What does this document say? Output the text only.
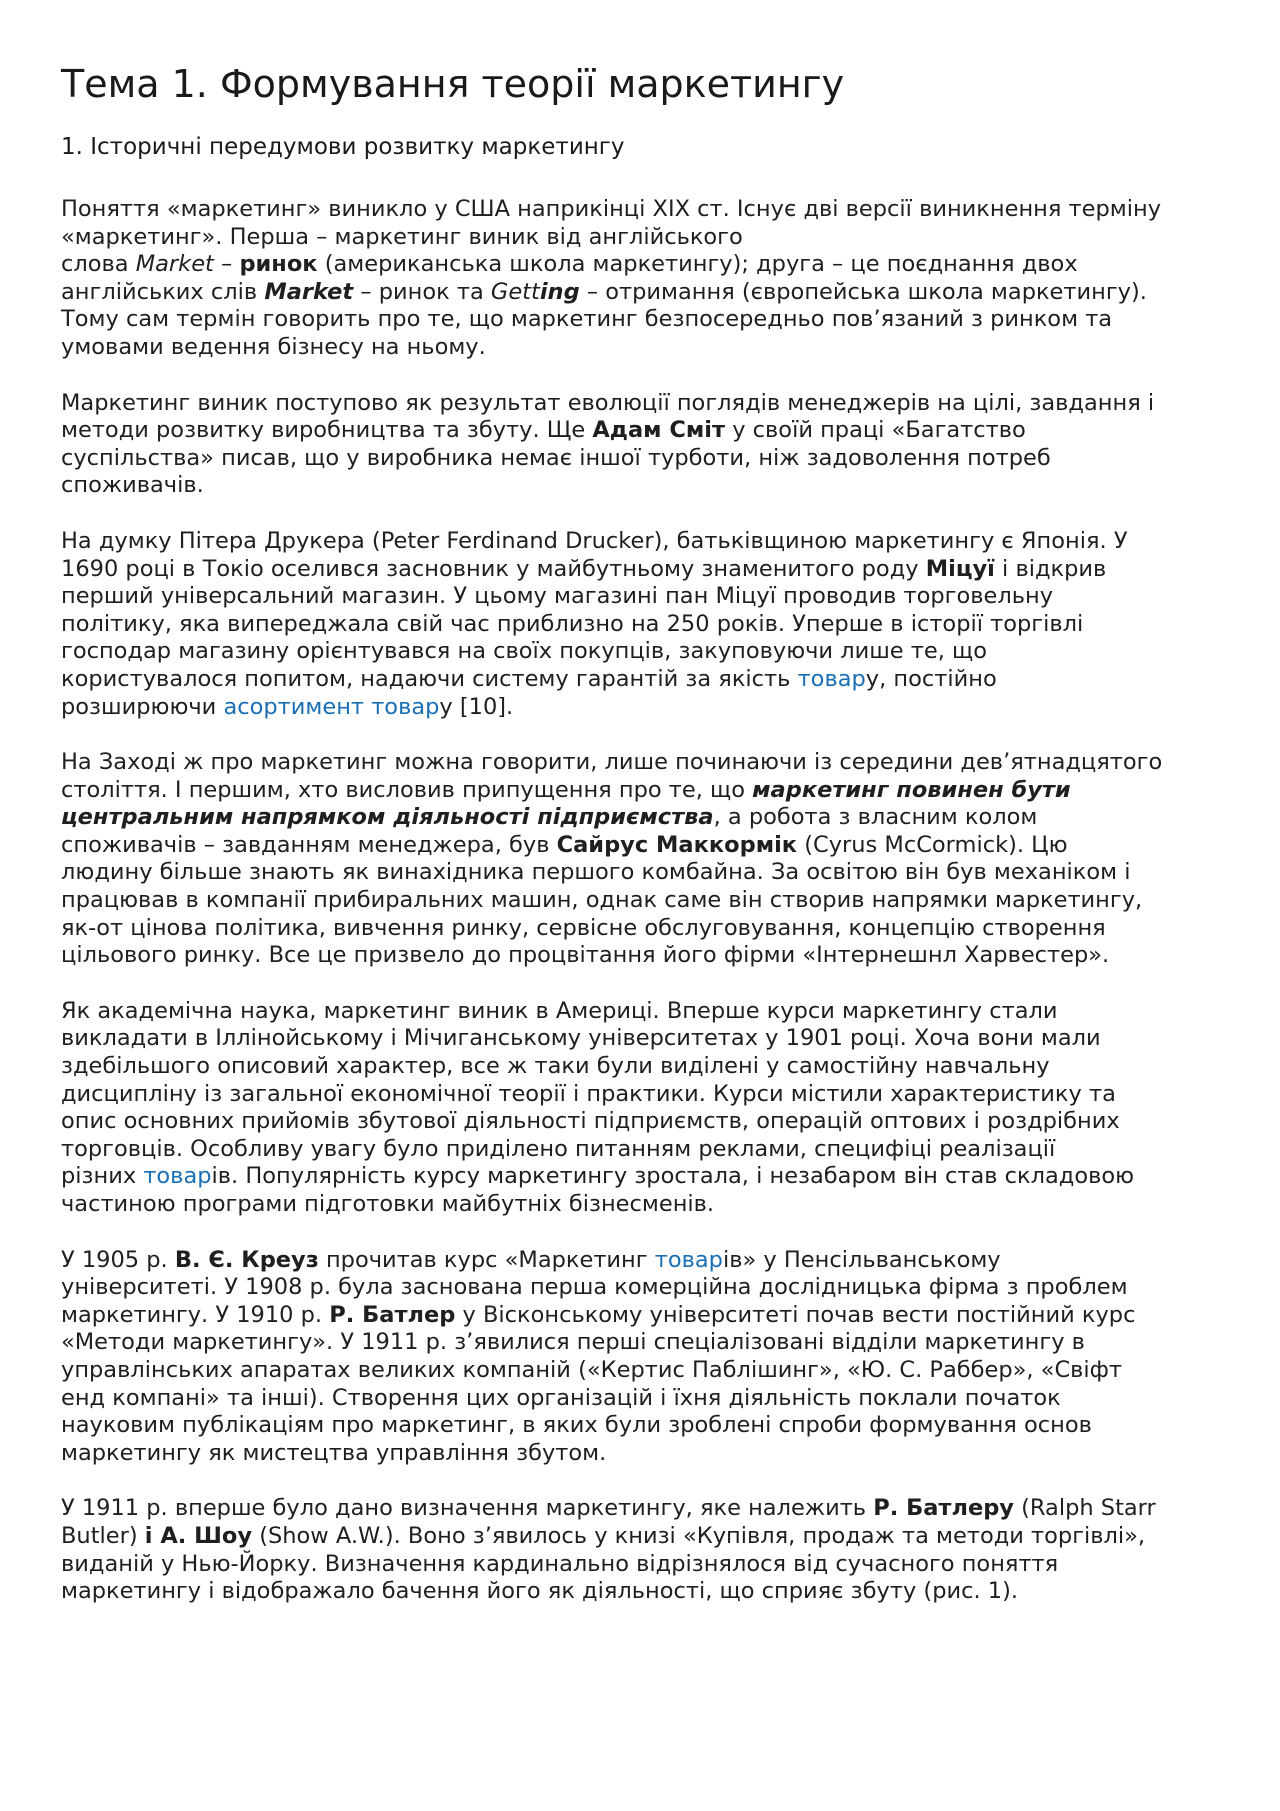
Тема 1. Формування теорії маркетингу
1. Історичні передумови розвитку маркетингу

Поняття «маркетинг» виникло у США наприкінці XIX ст. Існує дві версії виникнення терміну
«маркетинг». Перша – маркетинг виник від англійського
слова Market – ринок (американська школа маркетингу); друга – це поєднання двох
англійських слів Market – ринок та Getting – отримання (європейська школа маркетингу).
Тому сам термін говорить про те, що маркетинг безпосередньо пов’язаний з ринком та
умовами ведення бізнесу на ньому.

Маркетинг виник поступово як результат еволюції поглядів менеджерів на цілі, завдання і
методи розвитку виробництва та збуту. Ще Адам Сміт у своїй праці «Багатство
суспільства» писав, що у виробника немає іншої турботи, ніж задоволення потреб
споживачів.

На думку Пітера Друкера (Peter Ferdinand Drucker), батьківщиною маркетингу є Японія. У
1690 році в Токіо оселився засновник у майбутньому знаменитого роду Міцуї і відкрив
перший універсальний магазин. У цьому магазині пан Міцуї проводив торговельну
політику, яка випереджала свій час приблизно на 250 років. Уперше в історії торгівлі
господар магазину орієнтувався на своїх покупців, закуповуючи лише те, що
користувалося попитом, надаючи систему гарантій за якість товару, постійно
розширюючи асортимент товару [10].

На Заході ж про маркетинг можна говорити, лише починаючи із середини дев’ятнадцятого
століття. І першим, хто висловив припущення про те, що маркетинг повинен бути
центральним напрямком діяльності підприємства, а робота з власним колом
споживачів – завданням менеджера, був Сайрус Маккормік (Cyrus McCormick). Цю
людину більше знають як винахідника першого комбайна. За освітою він був механіком і
працював в компанії прибиральних машин, однак саме він створив напрямки маркетингу,
як-от цінова політика, вивчення ринку, сервісне обслуговування, концепцію створення
цільового ринку. Все це призвело до процвітання його фірми «Інтернешнл Харвестер».

Як академічна наука, маркетинг виник в Америці. Вперше курси маркетингу стали
викладати в Іллінойському і Мічиганському університетах у 1901 році. Хоча вони мали
здебільшого описовий характер, все ж таки були виділені у самостійну навчальну
дисципліну із загальної економічної теорії і практики. Курси містили характеристику та
опис основних прийомів збутової діяльності підприємств, операцій оптових і роздрібних
торговців. Особливу увагу було приділено питанням реклами, специфіці реалізації
різних товарів. Популярність курсу маркетингу зростала, і незабаром він став складовою
частиною програми підготовки майбутніх бізнесменів.

У 1905 р. В. Є. Креуз прочитав курс «Маркетинг товарів» у Пенсільванському
університеті. У 1908 р. була заснована перша комерційна дослідницька фірма з проблем
маркетингу. У 1910 р. Р. Батлер у Вісконському університеті почав вести постійний курс
«Методи маркетингу». У 1911 р. з’явилися перші спеціалізовані відділи маркетингу в
управлінських апаратах великих компаній («Кертис Паблішинг», «Ю. С. Раббер», «Свіфт
енд компані» та інші). Створення цих організацій і їхня діяльність поклали початок
науковим публікаціям про маркетинг, в яких були зроблені спроби формування основ
маркетингу як мистецтва управління збутом.

У 1911 р. вперше було дано визначення маркетингу, яке належить Р. Батлеру (Ralph Starr
Butler) і А. Шоу (Show A.W.). Воно з’явилось у книзі «Купівля, продаж та методи торгівлі»,
виданій у Нью-Йорку. Визначення кардинально відрізнялося від сучасного поняття
маркетингу і відображало бачення його як діяльності, що сприяє збуту (рис. 1).
